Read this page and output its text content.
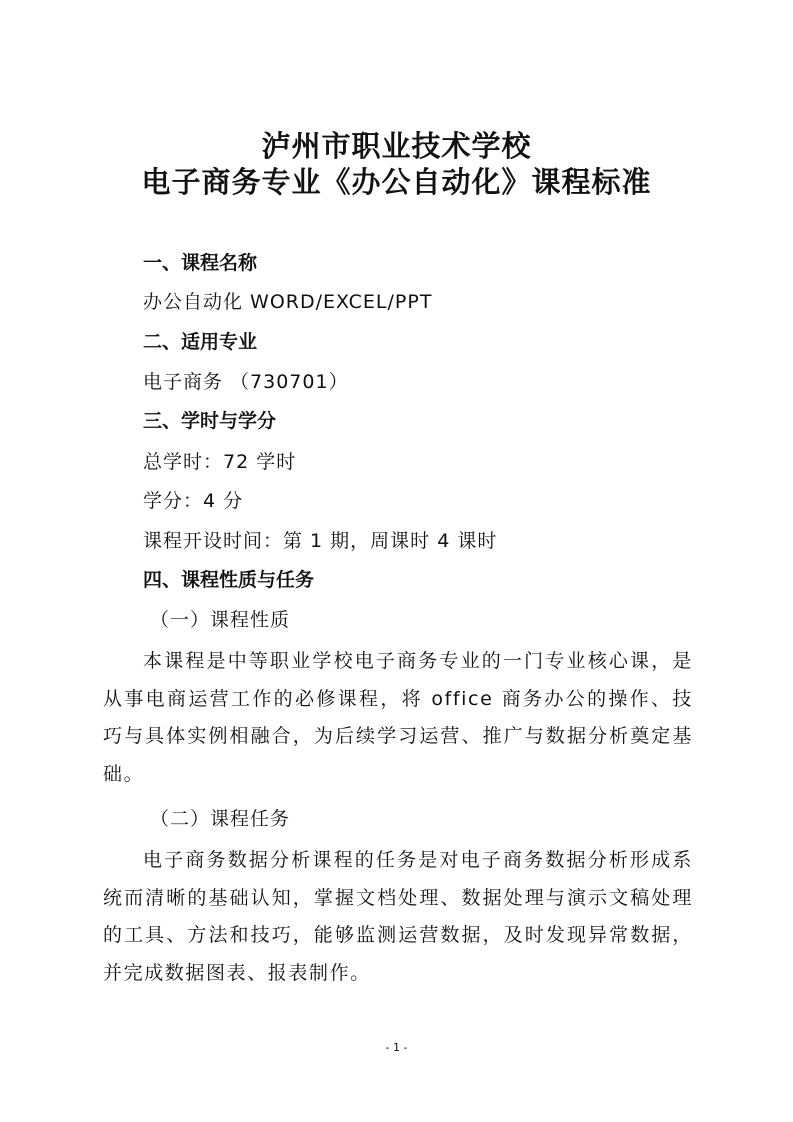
泸州市职业技术学校
电子商务专业《办公自动化》课程标准
一、课程名称
办公自动化 WORD/EXCEL/PPT
二、适用专业
电子商务 （730701）
三、学时与学分
总学时：72 学时
学分：4 分
课程开设时间：第 1 期，周课时 4 课时
四、课程性质与任务
（一）课程性质
本课程是中等职业学校电子商务专业的一门专业核心课，是从事电商运营工作的必修课程，将 office 商务办公的操作、技巧与具体实例相融合，为后续学习运营、推广与数据分析奠定基础。
（二）课程任务
电子商务数据分析课程的任务是对电子商务数据分析形成系统而清晰的基础认知，掌握文档处理、数据处理与演示文稿处理的工具、方法和技巧，能够监测运营数据，及时发现异常数据，并完成数据图表、报表制作。
- 1 -
